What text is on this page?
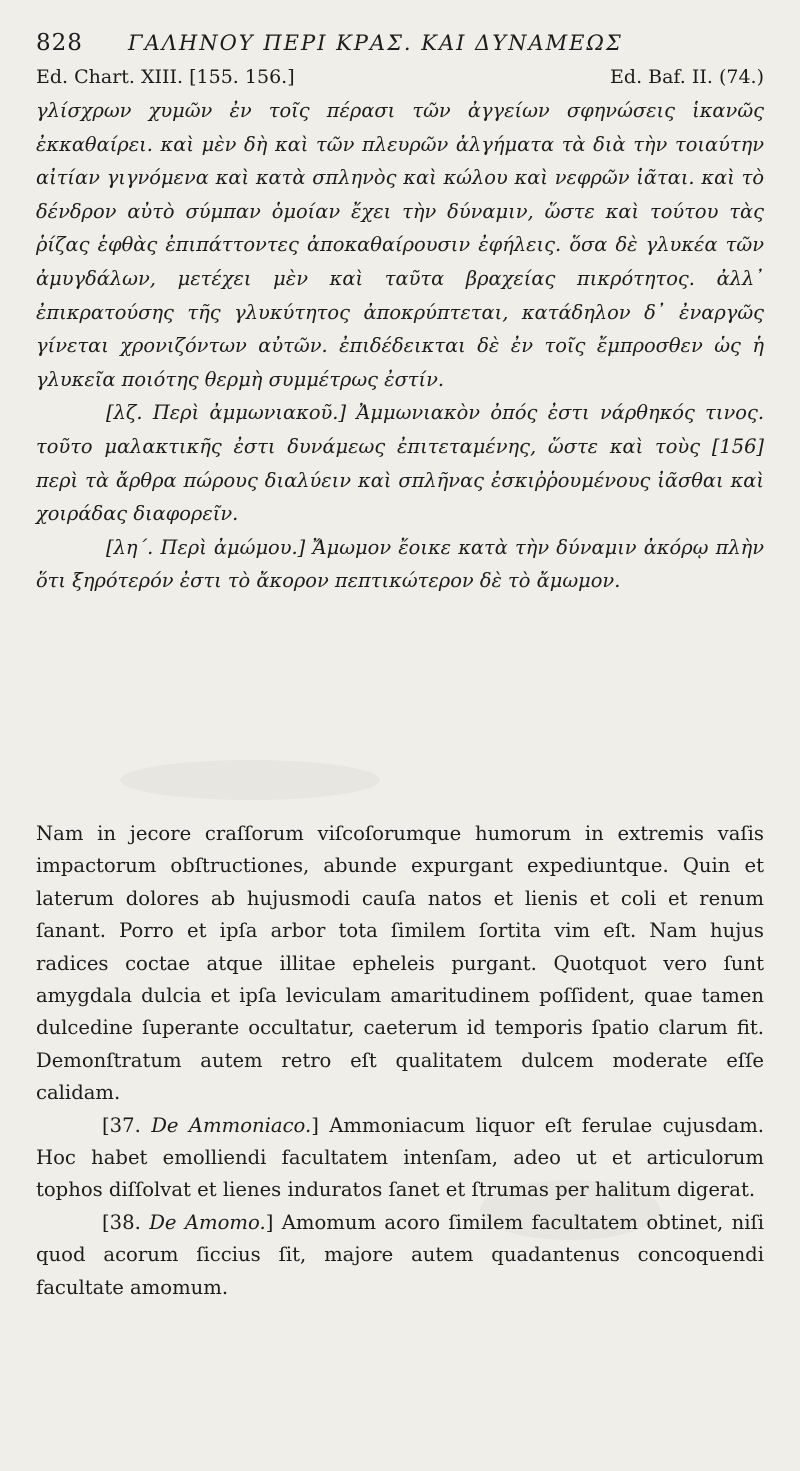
828	ΓΑΛΗΝΟΥ ΠΕΡΙ ΚΡΑΣ. ΚΑΙ ΔΥΝΑΜΕΩΣ
Ed. Chart. XIII. [155. 156.]	Ed. Baf. II. (74.)

γλίσχρων χυμῶν ἐν τοῖς πέρασι τῶν ἀγγείων σφηνώσεις ἱκανῶς ἐκκαθαίρει. καὶ μὲν δὴ καὶ τῶν πλευρῶν ἀλγήματα τὰ διὰ τὴν τοιαύτην αἰτίαν γιγνόμενα καὶ κατὰ σπληνὸς καὶ κώλου καὶ νεφρῶν ἰᾶται. καὶ τὸ δένδρον αὐτὸ σύμπαν ὁμοίαν ἔχει τὴν δύναμιν, ὥστε καὶ τούτου τὰς ῥίζας ἑφθὰς ἐπιπάττοντες ἀποκαθαίρουσιν ἐφήλεις. ὅσα δὲ γλυκέα τῶν ἀμυγδάλων, μετέχει μὲν καὶ ταῦτα βραχείας πικρότητος. ἀλλ᾽ ἐπικρατούσης τῆς γλυκύτητος ἀποκρύπτεται, κατάδηλον δ᾽ ἐναργῶς γίνεται χρονιζόντων αὐτῶν. ἐπιδέδεικται δὲ ἐν τοῖς ἔμπροσθεν ὡς ἡ γλυκεῖα ποιότης θερμὴ συμμέτρως ἐστίν.

[λζ. Περὶ ἀμμωνιακοῦ.] Ἀμμωνιακὸν ὀπός ἐστι νάρθηκός τινος. τοῦτο μαλακτικῆς ἐστι δυνάμεως ἐπιτεταμένης, ὥστε καὶ τοὺς [156] περὶ τὰ ἄρθρα πώρους διαλύειν καὶ σπλῆνας ἐσκιῤῥουμένους ἰᾶσθαι καὶ χοιράδας διαφορεῖν.

[λη΄. Περὶ ἀμώμου.] Ἄμωμον ἔοικε κατὰ τὴν δύναμιν ἀκόρῳ πλὴν ὅτι ξηρότερόν ἐστι τὸ ἄκορον πεπτικώτερον δὲ τὸ ἄμωμον.

Nam in jecore craſſorum viſcoſorumque humorum in extremis vaſis impactorum obſtructiones, abunde expurgant expediuntque. Quin et laterum dolores ab hujusmodi cauſa natos et lienis et coli et renum ſanant. Porro et ipſa arbor tota ſimilem ſortita vim eſt. Nam hujus radices coctae atque illitae epheleis purgant. Quotquot vero ſunt amygdala dulcia et ipſa leviculam amaritudinem poſſident, quae tamen dulcedine ſuperante occultatur, caeterum id temporis ſpatio clarum fit. Demonſtratum autem retro eſt qualitatem dulcem moderate eſſe calidam.

[37. De Ammoniaco.] Ammoniacum liquor eſt ferulae cujusdam. Hoc habet emolliendi facultatem intenſam, adeo ut et articulorum tophos diſſolvat et lienes induratos ſanet et ſtrumas per halitum digerat.

[38. De Amomo.] Amomum acoro ſimilem facultatem obtinet, niſi quod acorum ſiccius ſit, majore autem quadantenus concoquendi facultate amomum.
